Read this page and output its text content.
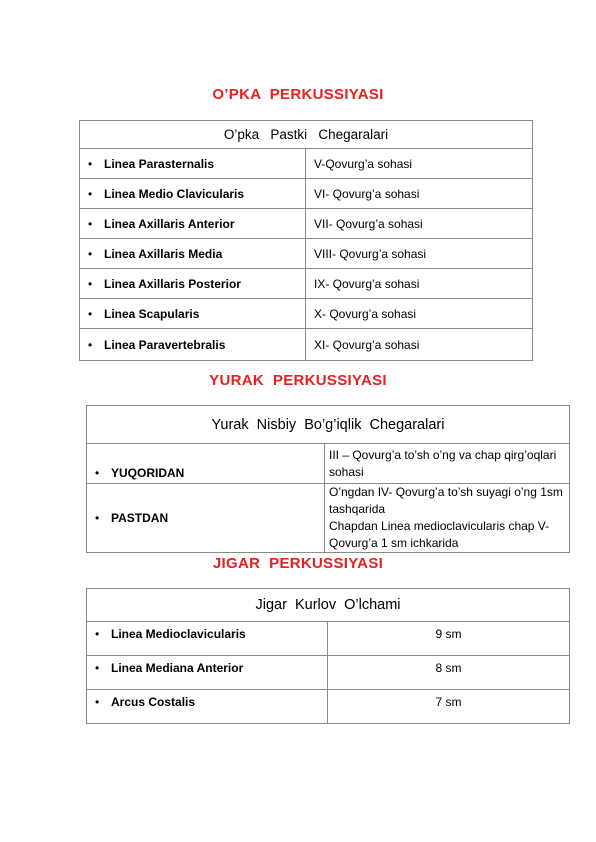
O’PKA  PERKUSSIYASI
O’pka   Pastki   Chegaralari	
• Linea Parasternalis	V-Qovurg’a sohasi
• Linea Medio Clavicularis	VI- Qovurg’a sohasi
• Linea Axillaris Anterior	VII- Qovurg’a sohasi
• Linea Axillaris Media	VIII- Qovurg’a sohasi
• Linea Axillaris Posterior	IX- Qovurg’a sohasi
• Linea Scapularis	X- Qovurg’a sohasi
• Linea Paravertebralis	XI- Qovurg’a sohasi
YURAK  PERKUSSIYASI
Yurak  Nisbiy  Bo’g’iqlik  Chegaralari	
• YUQORIDAN	III – Qovurg’a to’sh o’ng va chap qirg’oqlari sohasi
• PASTDAN	O’ngdan IV- Qovurg’a to’sh suyagi o’ng 1sm tashqarida
Chapdan Linea medioclavicularis chap V-Qovurg’a 1 sm ichkarida
JIGAR  PERKUSSIYASI
Jigar  Kurlov  O’lchami	
• Linea Medioclavicularis	9 sm
• Linea Mediana Anterior	8 sm
• Arcus Costalis	7 sm
